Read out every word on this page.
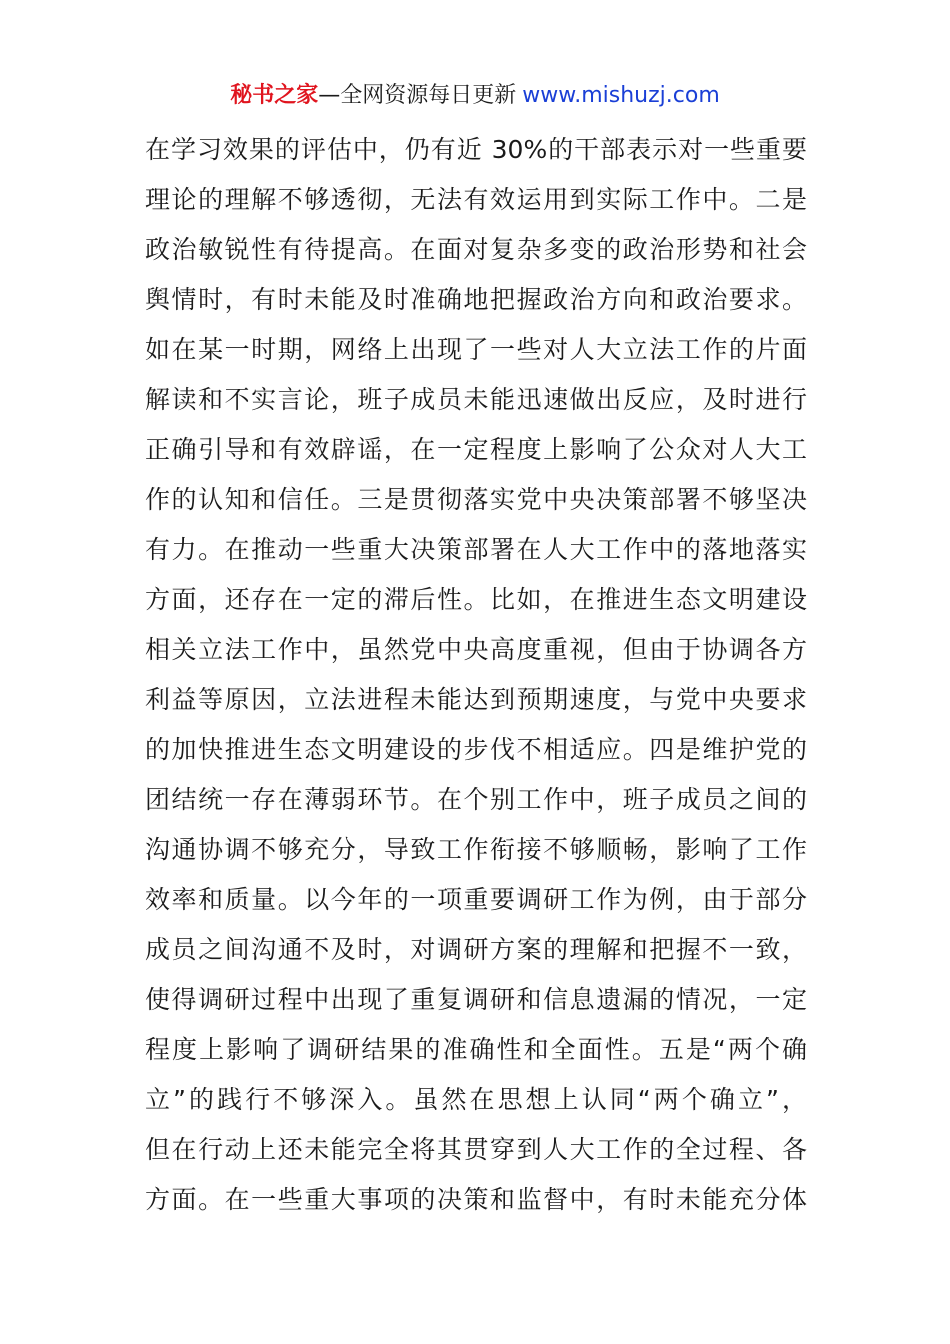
秘书之家—全网资源每日更新 www.mishuzj.com
在学习效果的评估中，仍有近 30%的干部表示对一些重要
理论的理解不够透彻，无法有效运用到实际工作中。二是
政治敏锐性有待提高。在面对复杂多变的政治形势和社会
舆情时，有时未能及时准确地把握政治方向和政治要求。
如在某一时期，网络上出现了一些对人大立法工作的片面
解读和不实言论，班子成员未能迅速做出反应，及时进行
正确引导和有效辟谣，在一定程度上影响了公众对人大工
作的认知和信任。三是贯彻落实党中央决策部署不够坚决
有力。在推动一些重大决策部署在人大工作中的落地落实
方面，还存在一定的滞后性。比如，在推进生态文明建设
相关立法工作中，虽然党中央高度重视，但由于协调各方
利益等原因，立法进程未能达到预期速度，与党中央要求
的加快推进生态文明建设的步伐不相适应。四是维护党的
团结统一存在薄弱环节。在个别工作中，班子成员之间的
沟通协调不够充分，导致工作衔接不够顺畅，影响了工作
效率和质量。以今年的一项重要调研工作为例，由于部分
成员之间沟通不及时，对调研方案的理解和把握不一致，
使得调研过程中出现了重复调研和信息遗漏的情况，一定
程度上影响了调研结果的准确性和全面性。五是“两个确
立”的践行不够深入。虽然在思想上认同“两个确立”，
但在行动上还未能完全将其贯穿到人大工作的全过程、各
方面。在一些重大事项的决策和监督中，有时未能充分体
